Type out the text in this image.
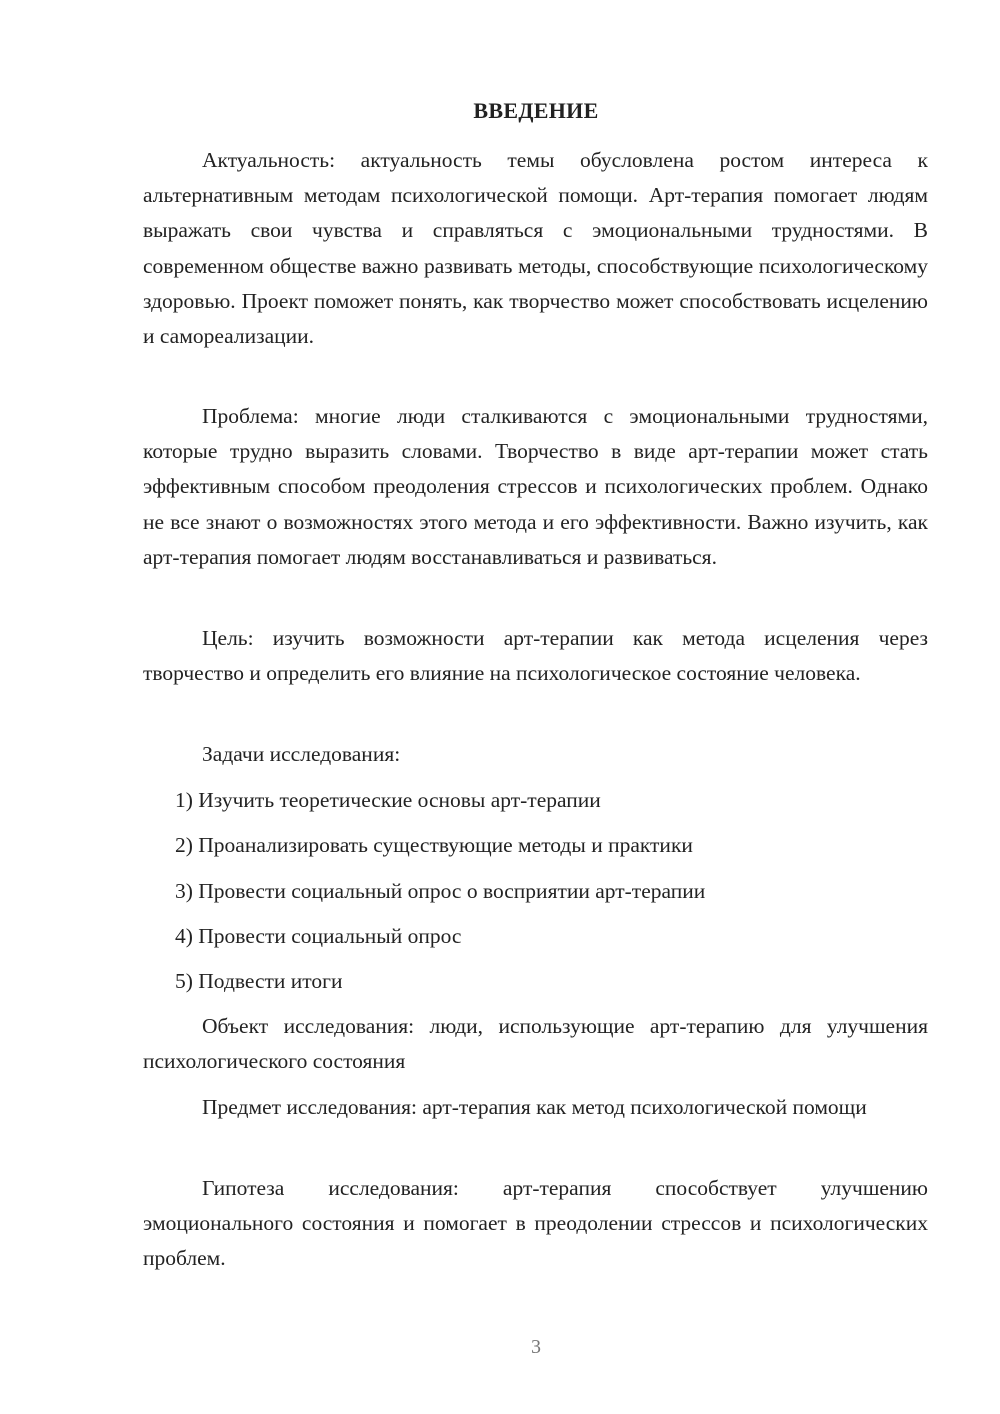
ВВЕДЕНИЕ

Актуальность: актуальность темы обусловлена ростом интереса к альтернативным методам психологической помощи. Арт-терапия помогает людям выражать свои чувства и справляться с эмоциональными трудностями. В современном обществе важно развивать методы, способствующие психологическому здоровью. Проект поможет понять, как творчество может способствовать исцелению и самореализации.

Проблема: многие люди сталкиваются с эмоциональными трудностями, которые трудно выразить словами. Творчество в виде арт-терапии может стать эффективным способом преодоления стрессов и психологических проблем. Однако не все знают о возможностях этого метода и его эффективности. Важно изучить, как арт-терапия помогает людям восстанавливаться и развиваться.

Цель: изучить возможности арт-терапии как метода исцеления через творчество и определить его влияние на психологическое состояние человека.

Задачи исследования:

1) Изучить теоретические основы арт-терапии

2) Проанализировать существующие методы и практики

3) Провести социальный опрос о восприятии арт-терапии

4) Провести социальный опрос

5) Подвести итоги

Объект исследования: люди, использующие арт-терапию для улучшения психологического состояния

Предмет исследования: арт-терапия как метод психологической помощи

Гипотеза исследования: арт-терапия способствует улучшению эмоционального состояния и помогает в преодолении стрессов и психологических проблем.

3
